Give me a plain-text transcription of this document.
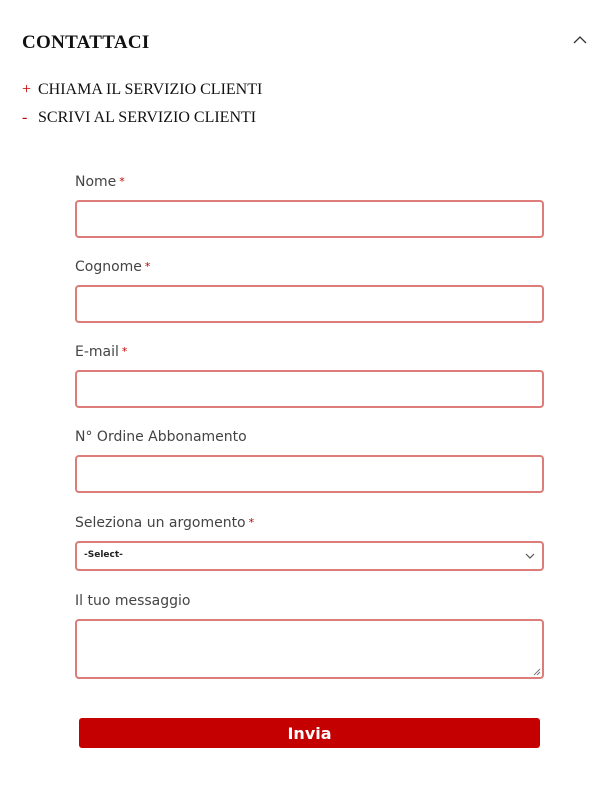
CONTATTACI
+ CHIAMA IL SERVIZIO CLIENTI
- SCRIVI AL SERVIZIO CLIENTI
Nome *
Cognome *
E-mail *
N° Ordine Abbonamento
Seleziona un argomento *
-Select-
Il tuo messaggio
Invia
